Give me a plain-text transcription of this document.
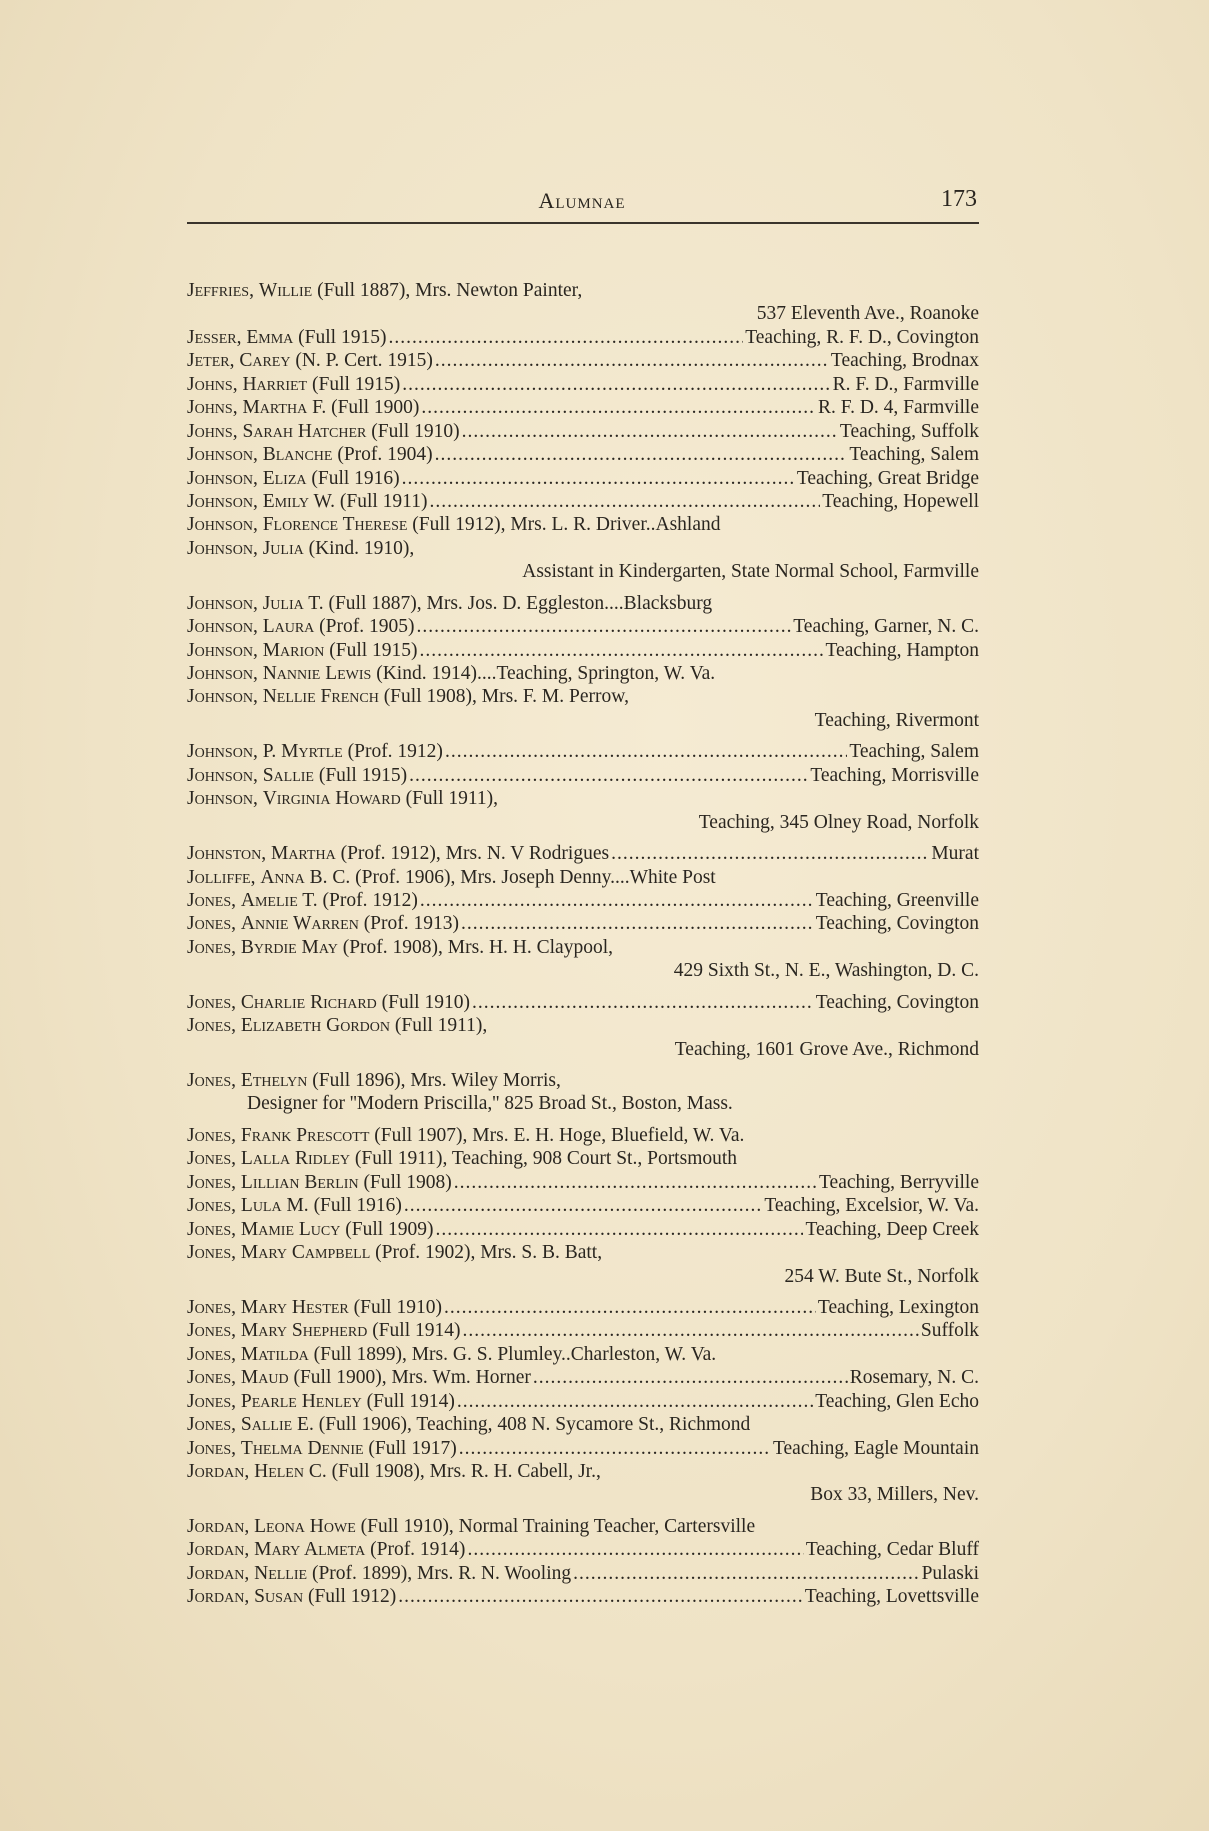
Alumnae	173
Jeffries, Willie (Full 1887), Mrs. Newton Painter,
537 Eleventh Ave., Roanoke
Jesser, Emma (Full 1915) .....	Teaching, R. F. D., Covington
Jeter, Carey (N. P. Cert. 1915) .....	Teaching, Brodnax
Johns, Harriet (Full 1915) .....	R. F. D., Farmville
Johns, Martha F. (Full 1900) .....	R. F. D. 4, Farmville
Johns, Sarah Hatcher (Full 1910) .....	Teaching, Suffolk
Johnson, Blanche (Prof. 1904) .....	Teaching, Salem
Johnson, Eliza (Full 1916) .....	Teaching, Great Bridge
Johnson, Emily W. (Full 1911) .....	Teaching, Hopewell
Johnson, Florence Therese (Full 1912), Mrs. L. R. Driver..Ashland
Johnson, Julia (Kind. 1910),
Assistant in Kindergarten, State Normal School, Farmville
Johnson, Julia T. (Full 1887), Mrs. Jos. D. Eggleston....Blacksburg
Johnson, Laura (Prof. 1905) .....	Teaching, Garner, N. C.
Johnson, Marion (Full 1915) .....	Teaching, Hampton
Johnson, Nannie Lewis (Kind. 1914)....Teaching, Springton, W. Va.
Johnson, Nellie French (Full 1908), Mrs. F. M. Perrow,
Teaching, Rivermont
Johnson, P. Myrtle (Prof. 1912) .....	Teaching, Salem
Johnson, Sallie (Full 1915) .....	Teaching, Morrisville
Johnson, Virginia Howard (Full 1911),
Teaching, 345 Olney Road, Norfolk
Johnston, Martha (Prof. 1912), Mrs. N. V Rodrigues .....	Murat
Jolliffe, Anna B. C. (Prof. 1906), Mrs. Joseph Denny....White Post
Jones, Amelie T. (Prof. 1912) .....	Teaching, Greenville
Jones, Annie Warren (Prof. 1913) .....	Teaching, Covington
Jones, Byrdie May (Prof. 1908), Mrs. H. H. Claypool,
429 Sixth St., N. E., Washington, D. C.
Jones, Charlie Richard (Full 1910) .....	Teaching, Covington
Jones, Elizabeth Gordon (Full 1911),
Teaching, 1601 Grove Ave., Richmond
Jones, Ethelyn (Full 1896), Mrs. Wiley Morris,
Designer for ''Modern Priscilla,'' 825 Broad St., Boston, Mass.
Jones, Frank Prescott (Full 1907), Mrs. E. H. Hoge, Bluefield, W. Va.
Jones, Lalla Ridley (Full 1911), Teaching, 908 Court St., Portsmouth
Jones, Lillian Berlin (Full 1908) .....	Teaching, Berryville
Jones, Lula M. (Full 1916) .....	Teaching, Excelsior, W. Va.
Jones, Mamie Lucy (Full 1909) .....	Teaching, Deep Creek
Jones, Mary Campbell (Prof. 1902), Mrs. S. B. Batt,
254 W. Bute St., Norfolk
Jones, Mary Hester (Full 1910) .....	Teaching, Lexington
Jones, Mary Shepherd (Full 1914) .....	Suffolk
Jones, Matilda (Full 1899), Mrs. G. S. Plumley..Charleston, W. Va.
Jones, Maud (Full 1900), Mrs. Wm. Horner .....	Rosemary, N. C.
Jones, Pearle Henley (Full 1914) .....	Teaching, Glen Echo
Jones, Sallie E. (Full 1906), Teaching, 408 N. Sycamore St., Richmond
Jones, Thelma Dennie (Full 1917) .....	Teaching, Eagle Mountain
Jordan, Helen C. (Full 1908), Mrs. R. H. Cabell, Jr.,
Box 33, Millers, Nev.
Jordan, Leona Howe (Full 1910), Normal Training Teacher, Cartersville
Jordan, Mary Almeta (Prof. 1914) .....	Teaching, Cedar Bluff
Jordan, Nellie (Prof. 1899), Mrs. R. N. Wooling .....	Pulaski
Jordan, Susan (Full 1912) .....	Teaching, Lovettsville
